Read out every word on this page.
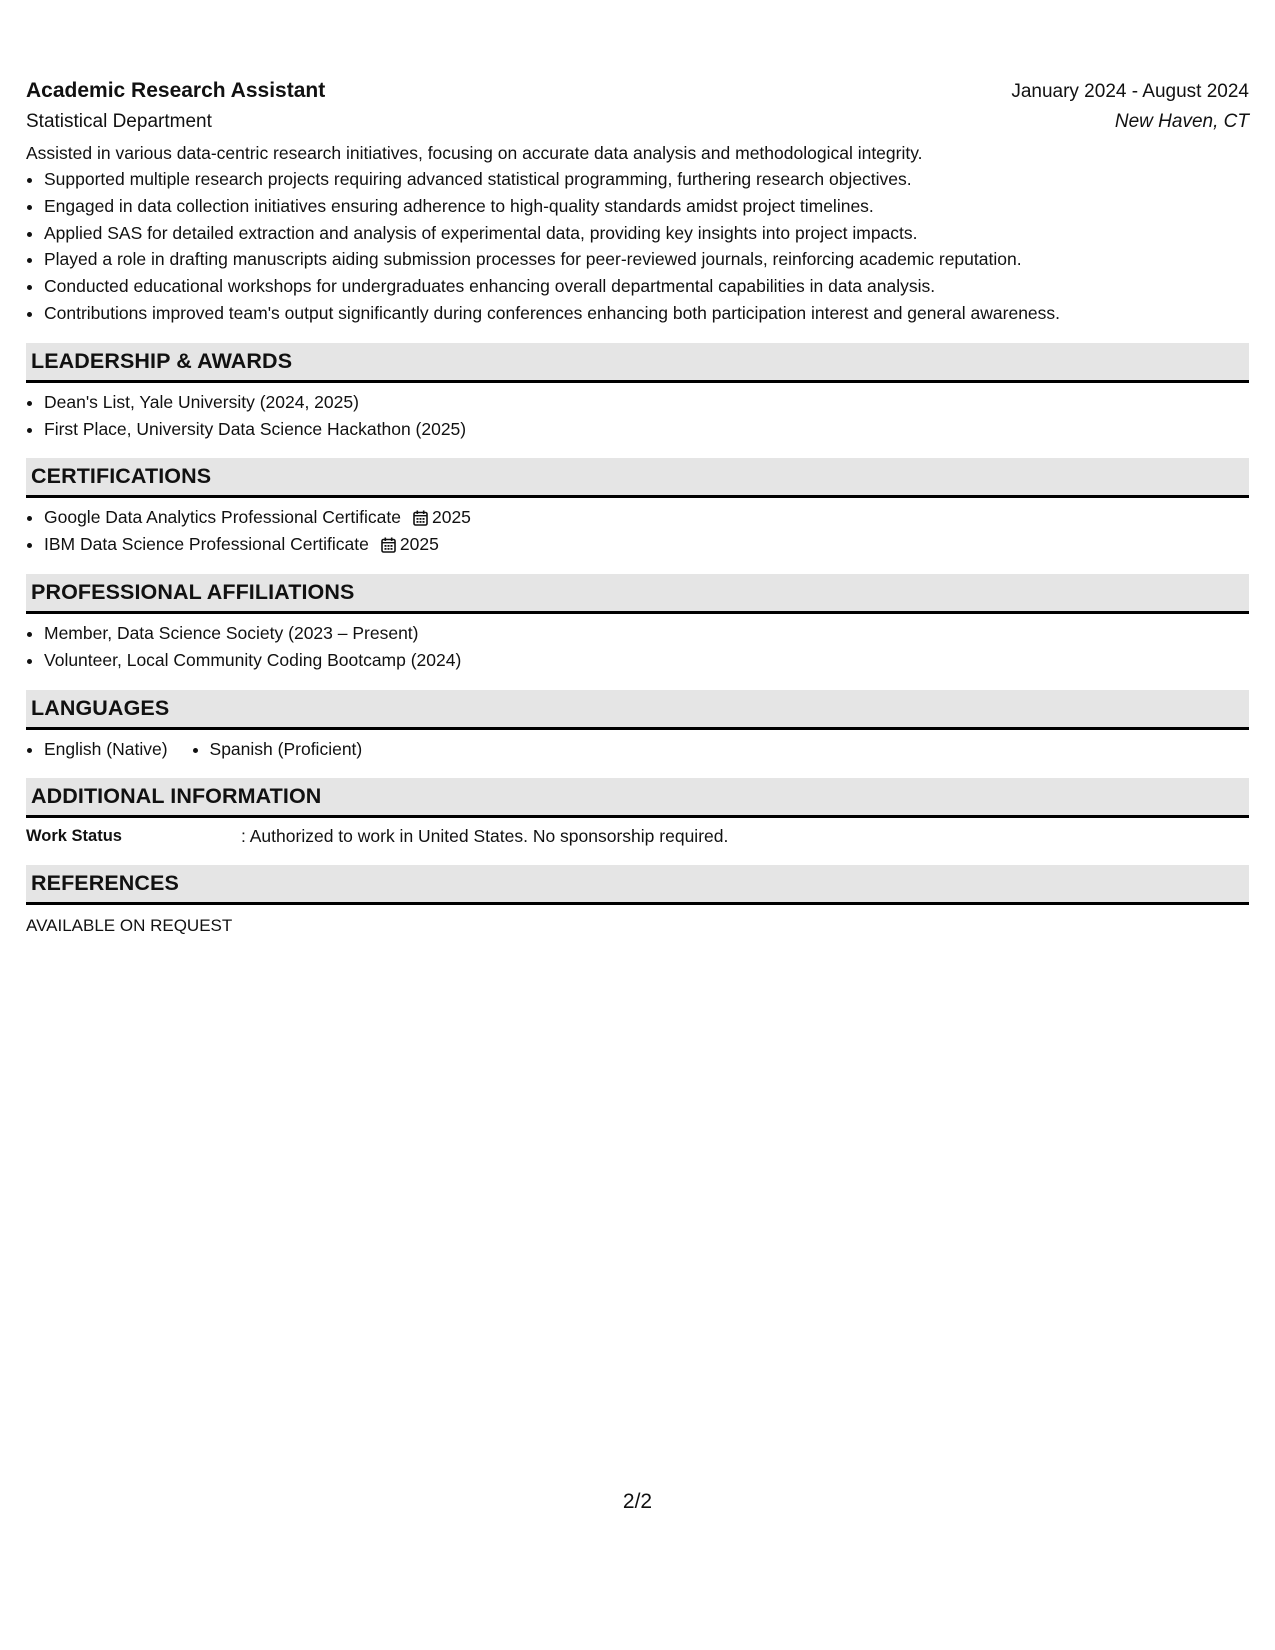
Academic Research Assistant	January 2024 - August 2024
Statistical Department	New Haven, CT

Assisted in various data-centric research initiatives, focusing on accurate data analysis and methodological integrity.

• Supported multiple research projects requiring advanced statistical programming, furthering research objectives.
• Engaged in data collection initiatives ensuring adherence to high-quality standards amidst project timelines.
• Applied SAS for detailed extraction and analysis of experimental data, providing key insights into project impacts.
• Played a role in drafting manuscripts aiding submission processes for peer-reviewed journals, reinforcing academic reputation.
• Conducted educational workshops for undergraduates enhancing overall departmental capabilities in data analysis.
• Contributions improved team's output significantly during conferences enhancing both participation interest and general awareness.
LEADERSHIP & AWARDS
• Dean's List, Yale University (2024, 2025)
• First Place, University Data Science Hackathon (2025)
CERTIFICATIONS
• Google Data Analytics Professional Certificate 2025
• IBM Data Science Professional Certificate 2025
PROFESSIONAL AFFILIATIONS
• Member, Data Science Society (2023 – Present)
• Volunteer, Local Community Coding Bootcamp (2024)
LANGUAGES
• English (Native)
• Spanish (Proficient)
ADDITIONAL INFORMATION
Work Status	: Authorized to work in United States. No sponsorship required.
REFERENCES
AVAILABLE ON REQUEST
2/2
